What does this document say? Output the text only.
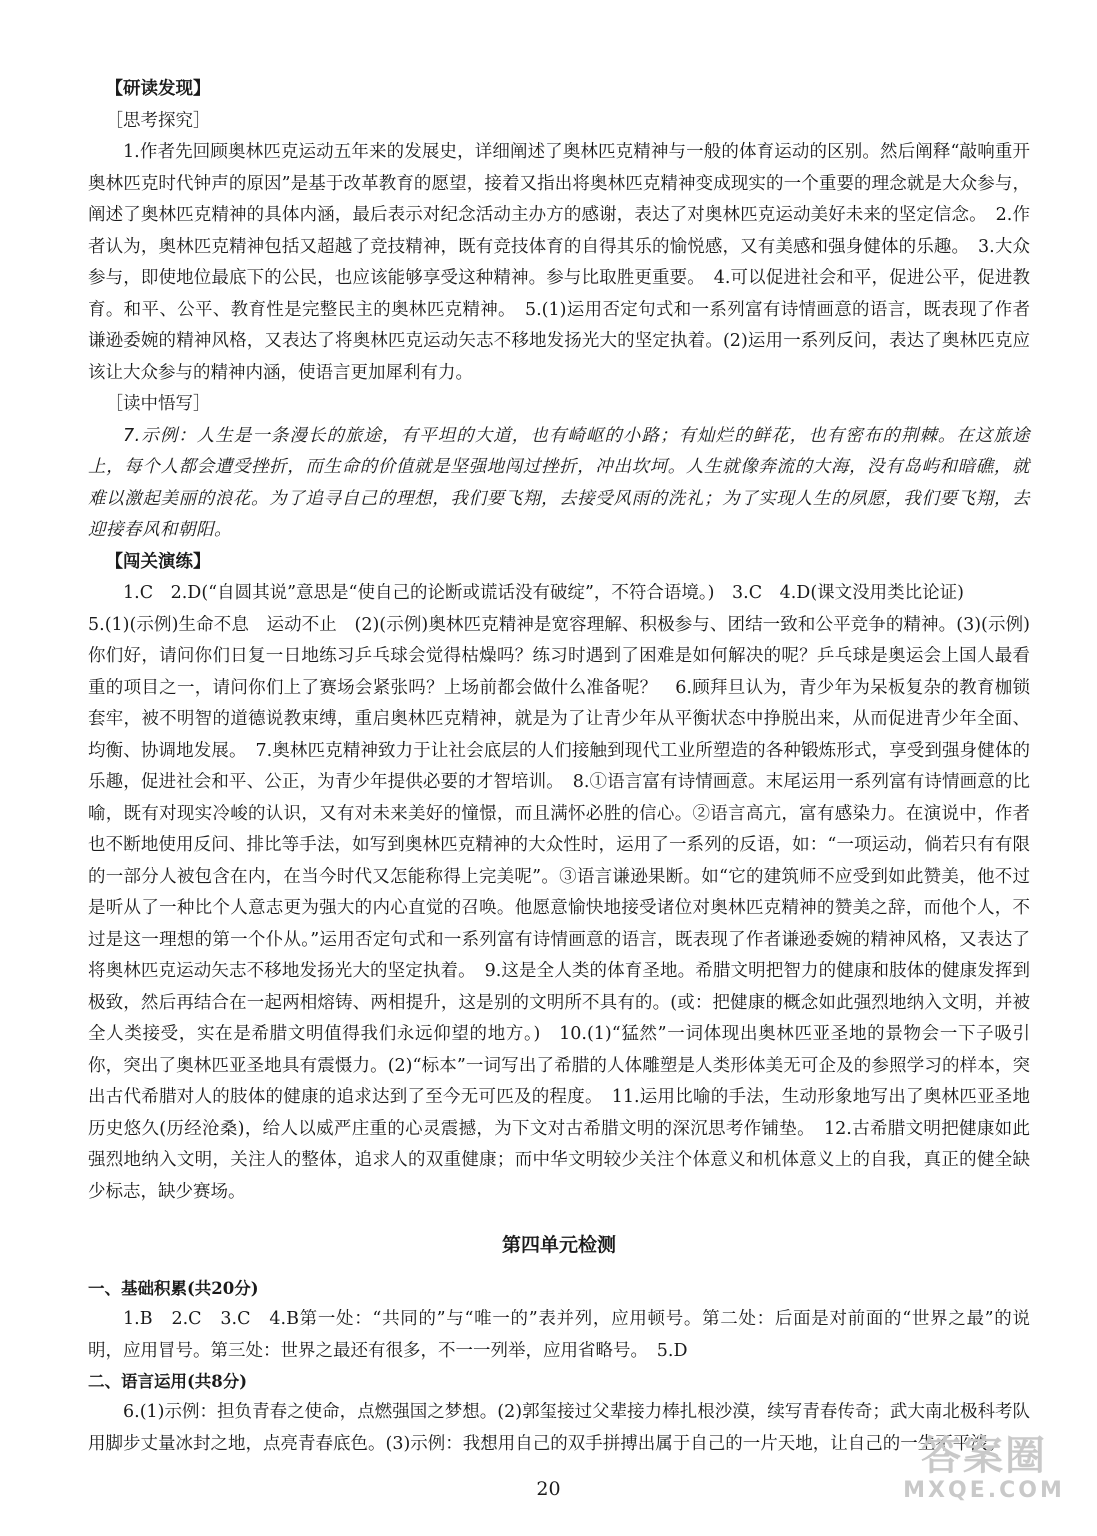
【研读发现】

［思考探究］

1.作者先回顾奥林匹克运动五年来的发展史，详细阐述了奥林匹克精神与一般的体育运动的区别。然后阐释“敲响重开奥林匹克时代钟声的原因”是基于改革教育的愿望，接着又指出将奥林匹克精神变成现实的一个重要的理念就是大众参与，阐述了奥林匹克精神的具体内涵，最后表示对纪念活动主办方的感谢，表达了对奥林匹克运动美好未来的坚定信念。　2.作者认为，奥林匹克精神包括又超越了竞技精神，既有竞技体育的自得其乐的愉悦感，又有美感和强身健体的乐趣。　3.大众参与，即使地位最底下的公民，也应该能够享受这种精神。参与比取胜更重要。　4.可以促进社会和平，促进公平，促进教育。和平、公平、教育性是完整民主的奥林匹克精神。　5.(1)运用否定句式和一系列富有诗情画意的语言，既表现了作者谦逊委婉的精神风格，又表达了将奥林匹克运动矢志不移地发扬光大的坚定执着。(2)运用一系列反问，表达了奥林匹克应该让大众参与的精神内涵，使语言更加犀利有力。

［读中悟写］

7.示例：人生是一条漫长的旅途，有平坦的大道，也有崎岖的小路；有灿烂的鲜花，也有密布的荆棘。在这旅途上，每个人都会遭受挫折，而生命的价值就是坚强地闯过挫折，冲出坎坷。人生就像奔流的大海，没有岛屿和暗礁，就难以激起美丽的浪花。为了追寻自己的理想，我们要飞翔，去接受风雨的洗礼；为了实现人生的夙愿，我们要飞翔，去迎接春风和朝阳。

【闯关演练】

1.C　2.D(“自圆其说”意思是“使自己的论断或谎话没有破绽”，不符合语境。)　3.C　4.D(课文没用类比论证)

5.(1)(示例)生命不息　运动不止　(2)(示例)奥林匹克精神是宽容理解、积极参与、团结一致和公平竞争的精神。(3)(示例)你们好，请问你们日复一日地练习乒乓球会觉得枯燥吗？练习时遇到了困难是如何解决的呢？乒乓球是奥运会上国人最看重的项目之一，请问你们上了赛场会紧张吗？上场前都会做什么准备呢？　6.顾拜旦认为，青少年为呆板复杂的教育枷锁套牢，被不明智的道德说教束缚，重启奥林匹克精神，就是为了让青少年从平衡状态中挣脱出来，从而促进青少年全面、均衡、协调地发展。　7.奥林匹克精神致力于让社会底层的人们接触到现代工业所塑造的各种锻炼形式，享受到强身健体的乐趣，促进社会和平、公正，为青少年提供必要的才智培训。　8.①语言富有诗情画意。末尾运用一系列富有诗情画意的比喻，既有对现实冷峻的认识，又有对未来美好的憧憬，而且满怀必胜的信心。②语言高亢，富有感染力。在演说中，作者也不断地使用反问、排比等手法，如写到奥林匹克精神的大众性时，运用了一系列的反语，如：“一项运动，倘若只有有限的一部分人被包含在内，在当今时代又怎能称得上完美呢”。③语言谦逊果断。如“它的建筑师不应受到如此赞美，他不过是听从了一种比个人意志更为强大的内心直觉的召唤。他愿意愉快地接受诸位对奥林匹克精神的赞美之辞，而他个人，不过是这一理想的第一个仆从。”运用否定句式和一系列富有诗情画意的语言，既表现了作者谦逊委婉的精神风格，又表达了将奥林匹克运动矢志不移地发扬光大的坚定执着。　9.这是全人类的体育圣地。希腊文明把智力的健康和肢体的健康发挥到极致，然后再结合在一起两相熔铸、两相提升，这是别的文明所不具有的。(或：把健康的概念如此强烈地纳入文明，并被全人类接受，实在是希腊文明值得我们永远仰望的地方。)　10.(1)“猛然”一词体现出奥林匹亚圣地的景物会一下子吸引你，突出了奥林匹亚圣地具有震慑力。(2)“标本”一词写出了希腊的人体雕塑是人类形体美无可企及的参照学习的样本，突出古代希腊对人的肢体的健康的追求达到了至今无可匹及的程度。　11.运用比喻的手法，生动形象地写出了奥林匹亚圣地历史悠久(历经沧桑)，给人以威严庄重的心灵震撼，为下文对古希腊文明的深沉思考作铺垫。　12.古希腊文明把健康如此强烈地纳入文明，关注人的整体，追求人的双重健康；而中华文明较少关注个体意义和机体意义上的自我，真正的健全缺少标志，缺少赛场。

第四单元检测

一、基础积累(共20分)

1.B　2.C　3.C　4.B第一处：“共同的”与“唯一的”表并列，应用顿号。第二处：后面是对前面的“世界之最”的说明，应用冒号。第三处：世界之最还有很多，不一一列举，应用省略号。　5.D

二、语言运用(共8分)

6.(1)示例：担负青春之使命，点燃强国之梦想。(2)郭玺接过父辈接力棒扎根沙漠，续写青春传奇；武大南北极科考队用脚步丈量冰封之地，点亮青春底色。(3)示例：我想用自己的双手拼搏出属于自己的一片天地，让自己的一生不平淡。

20
答案圈
MXQE.COM
